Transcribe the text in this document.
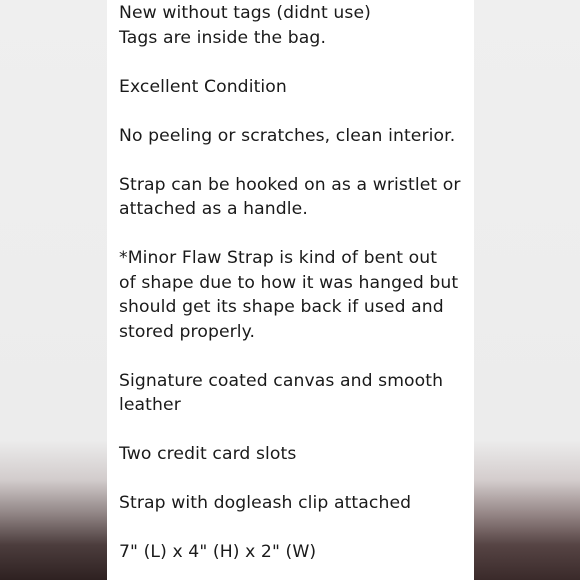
New without tags (didnt use)
Tags are inside the bag.
Excellent Condition
No peeling or scratches, clean interior.
Strap can be hooked on as a wristlet or
attached as a handle.
*Minor Flaw Strap is kind of bent out
of shape due to how it was hanged but
should get its shape back if used and
stored properly.
Signature coated canvas and smooth
leather
Two credit card slots
Strap with dogleash clip attached
7" (L) x 4" (H) x 2" (W)
